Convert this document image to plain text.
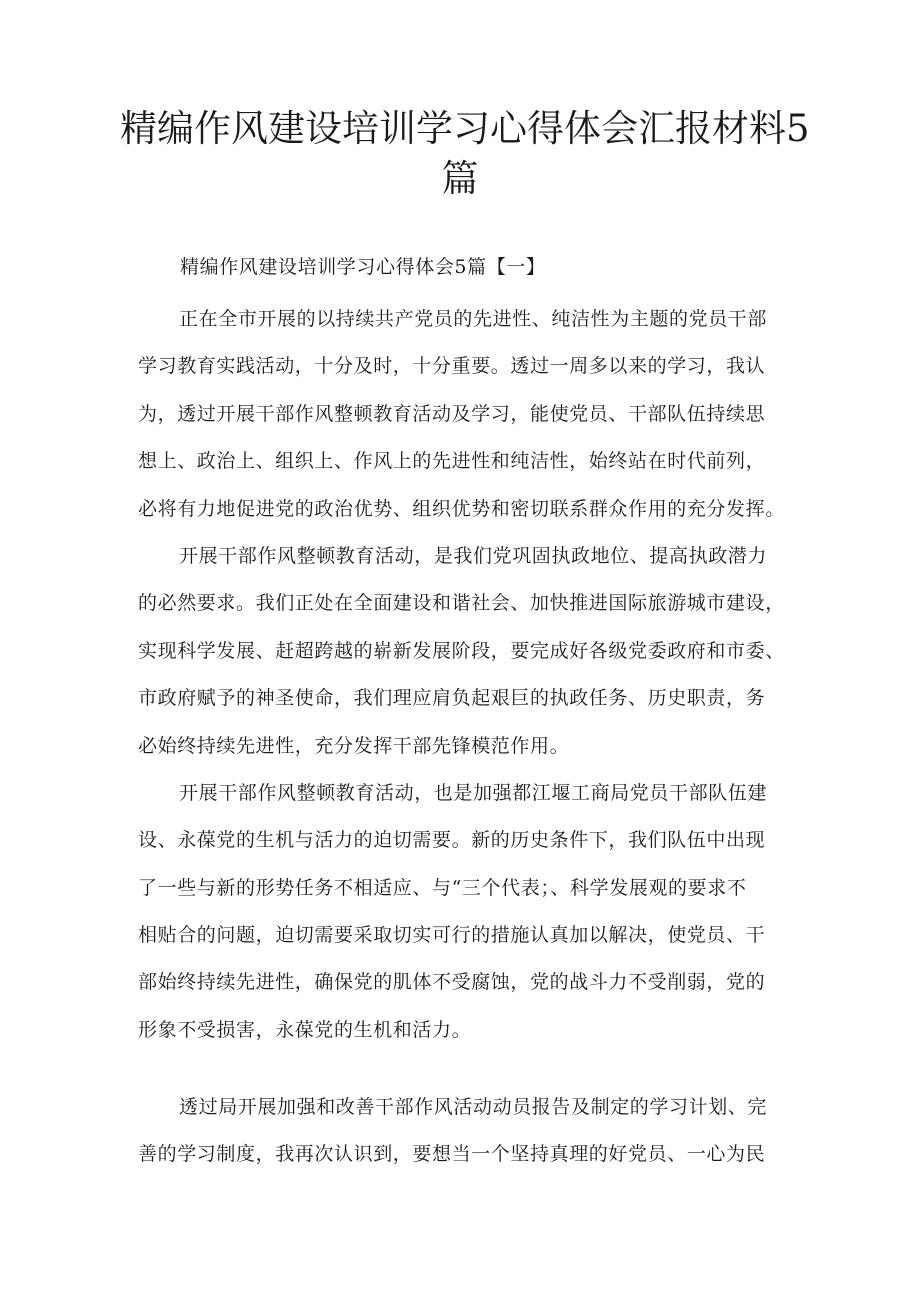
精编作风建设培训学习心得体会汇报材料5
篇
精编作风建设培训学习心得体会5篇【一】
正在全市开展的以持续共产党员的先进性、纯洁性为主题的党员干部
学习教育实践活动，十分及时，十分重要。透过一周多以来的学习，我认
为，透过开展干部作风整顿教育活动及学习，能使党员、干部队伍持续思
想上、政治上、组织上、作风上的先进性和纯洁性，始终站在时代前列，
必将有力地促进党的政治优势、组织优势和密切联系群众作用的充分发挥。
开展干部作风整顿教育活动，是我们党巩固执政地位、提高执政潜力
的必然要求。我们正处在全面建设和谐社会、加快推进国际旅游城市建设，
实现科学发展、赶超跨越的崭新发展阶段，要完成好各级党委政府和市委、
市政府赋予的神圣使命，我们理应肩负起艰巨的执政任务、历史职责，务
必始终持续先进性，充分发挥干部先锋模范作用。
开展干部作风整顿教育活动，也是加强都江堰工商局党员干部队伍建
设、永葆党的生机与活力的迫切需要。新的历史条件下，我们队伍中出现
了一些与新的形势任务不相适应、与“三个代表；、科学发展观的要求不
相贴合的问题，迫切需要采取切实可行的措施认真加以解决，使党员、干
部始终持续先进性，确保党的肌体不受腐蚀，党的战斗力不受削弱，党的
形象不受损害，永葆党的生机和活力。
透过局开展加强和改善干部作风活动动员报告及制定的学习计划、完
善的学习制度，我再次认识到，要想当一个坚持真理的好党员、一心为民
